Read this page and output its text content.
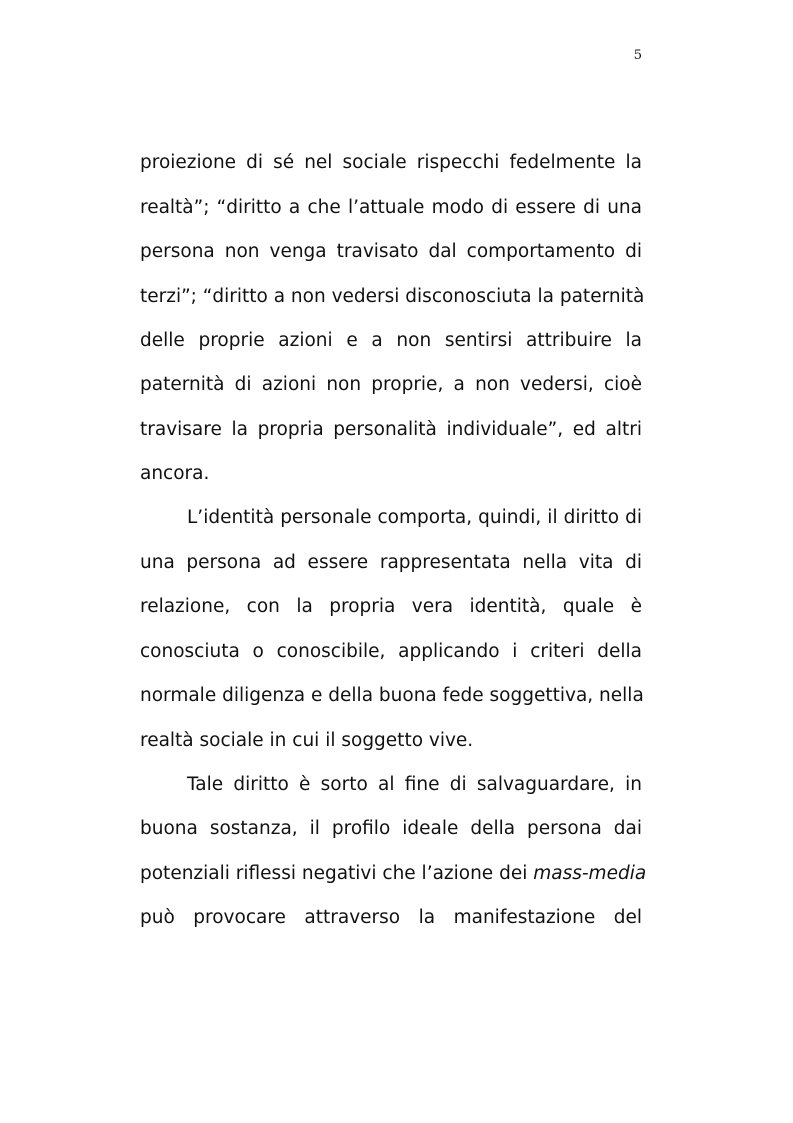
5
proiezione di sé nel sociale rispecchi fedelmente la
realtà”; “diritto a che l’attuale modo di essere di una
persona non venga travisato dal comportamento di
terzi”; “diritto a non vedersi disconosciuta la paternità
delle proprie azioni e a non sentirsi attribuire la
paternità di azioni non proprie, a non vedersi, cioè
travisare la propria personalità individuale”, ed altri
ancora.
L’identità personale comporta, quindi, il diritto di
una persona ad essere rappresentata nella vita di
relazione, con la propria vera identità, quale è
conosciuta o conoscibile, applicando i criteri della
normale diligenza e della buona fede soggettiva, nella
realtà sociale in cui il soggetto vive.
Tale diritto è sorto al fine di salvaguardare, in
buona sostanza, il profilo ideale della persona dai
potenziali riflessi negativi che l’azione dei mass-media
può provocare attraverso la manifestazione del
